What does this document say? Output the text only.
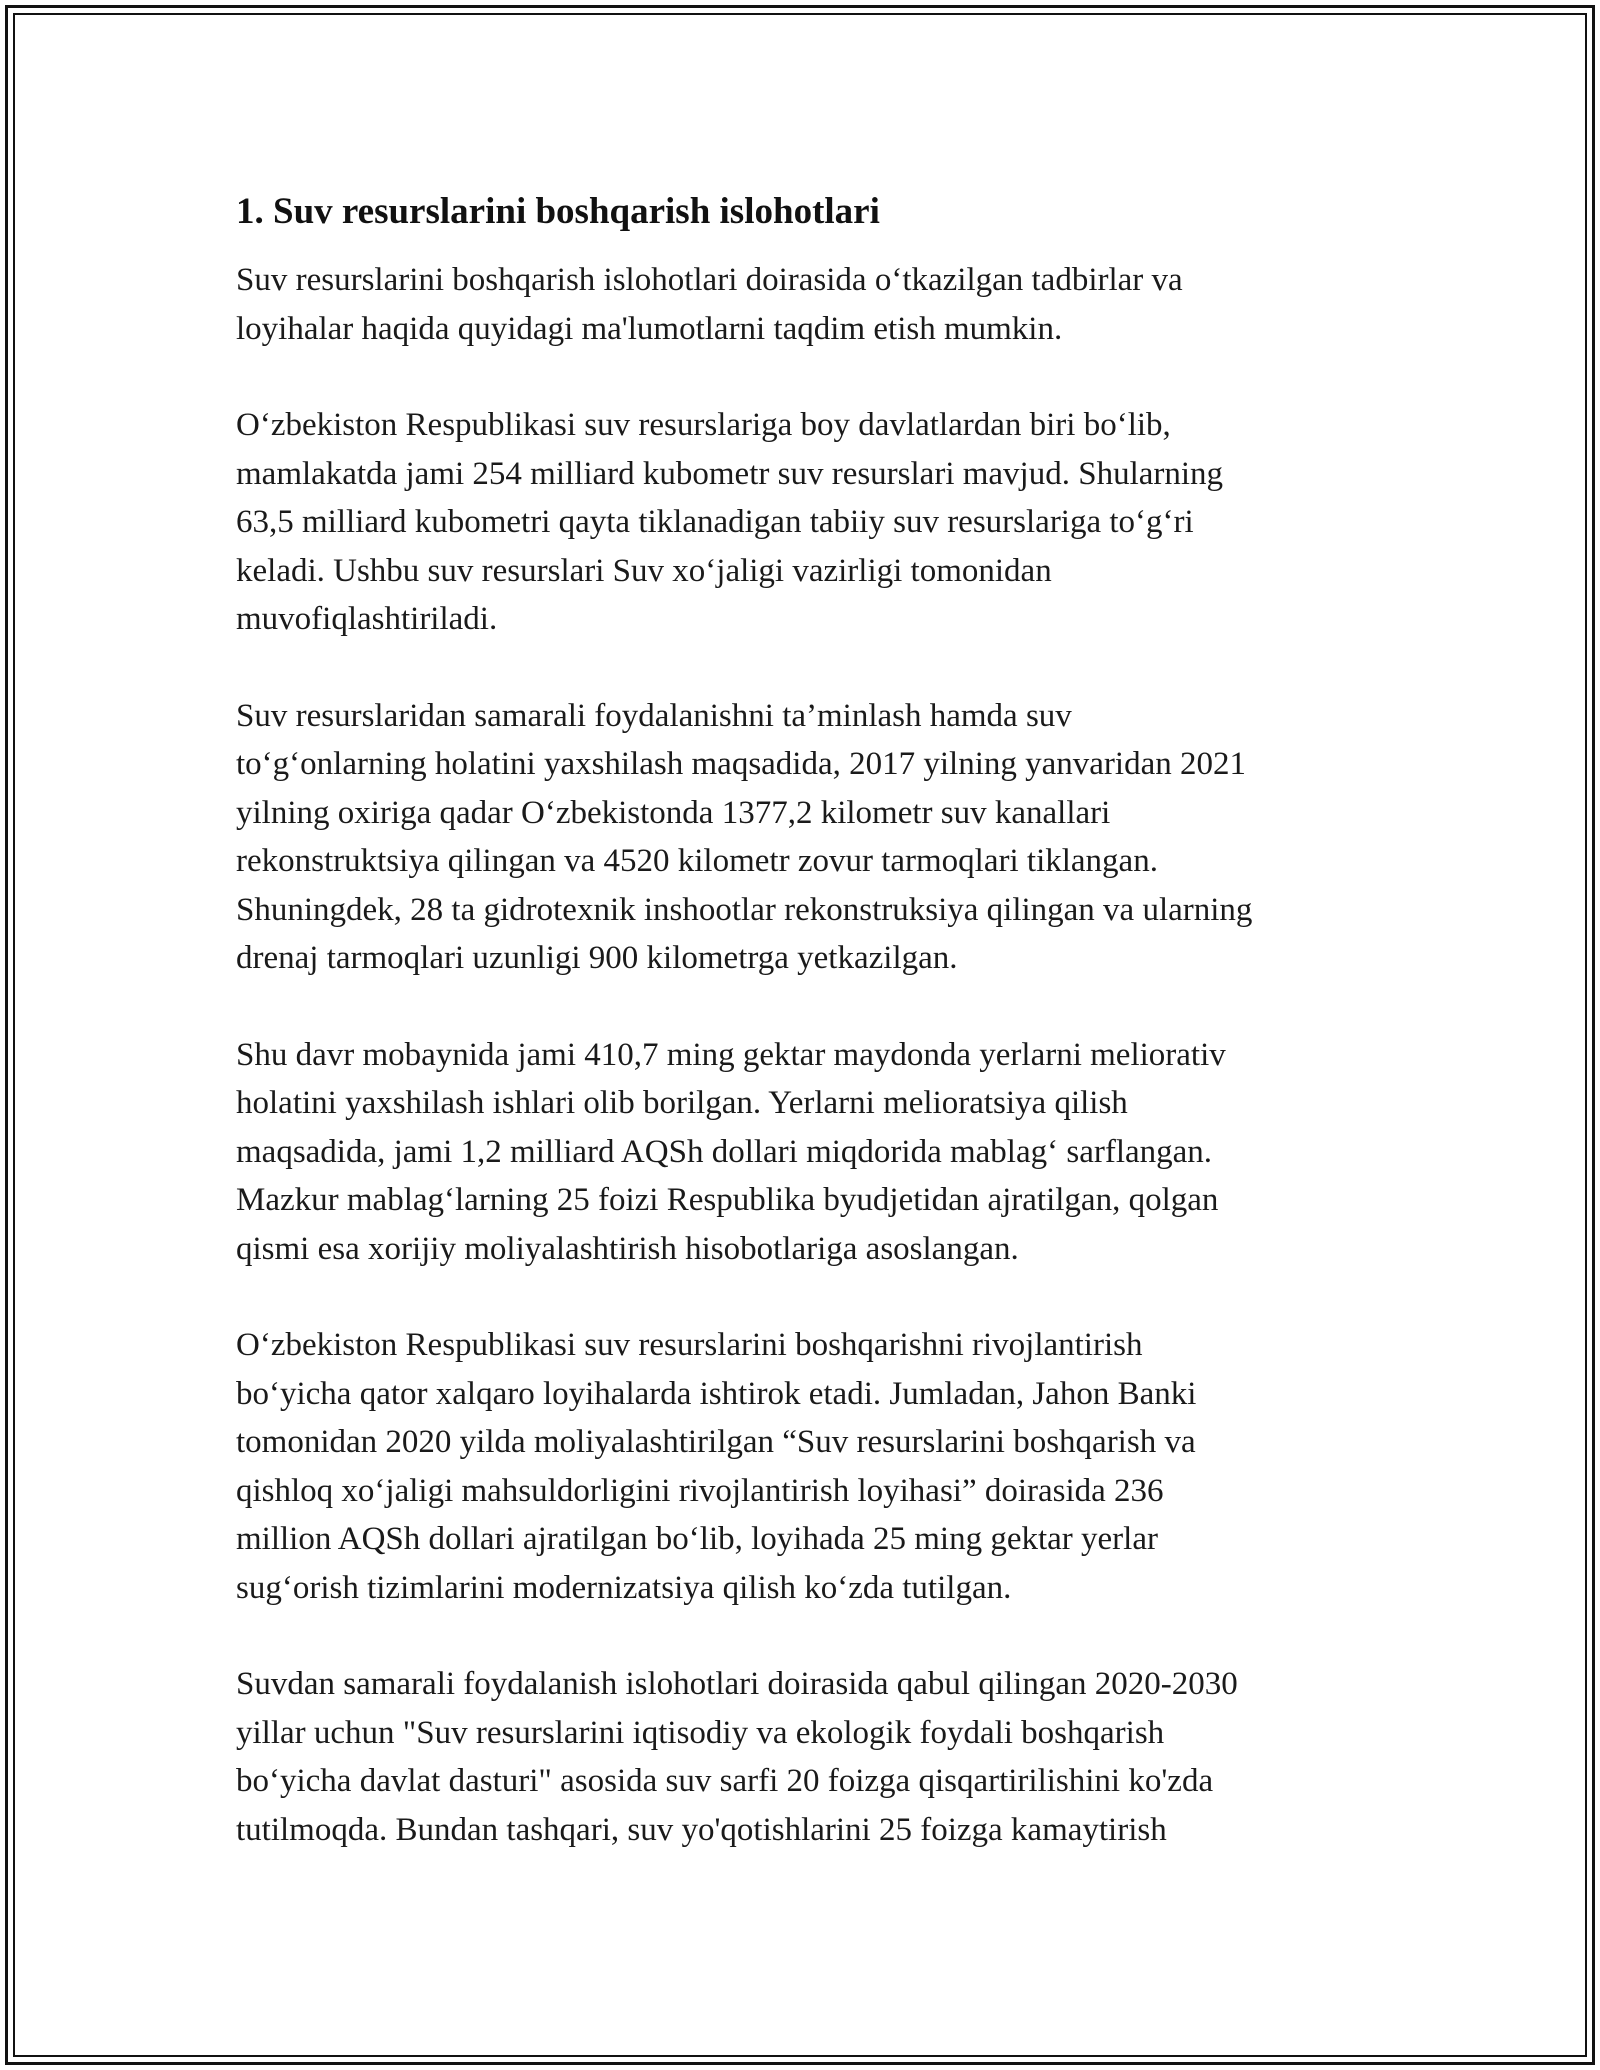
1. Suv resurslarini boshqarish islohotlari

Suv resurslarini boshqarish islohotlari doirasida o‘tkazilgan tadbirlar va
loyihalar haqida quyidagi ma'lumotlarni taqdim etish mumkin.

O‘zbekiston Respublikasi suv resurslariga boy davlatlardan biri bo‘lib,
mamlakatda jami 254 milliard kubometr suv resurslari mavjud. Shularning
63,5 milliard kubometri qayta tiklanadigan tabiiy suv resurslariga to‘g‘ri
keladi. Ushbu suv resurslari Suv xo‘jaligi vazirligi tomonidan
muvofiqlashtiriladi.

Suv resurslaridan samarali foydalanishni ta’minlash hamda suv
to‘g‘onlarning holatini yaxshilash maqsadida, 2017 yilning yanvaridan 2021
yilning oxiriga qadar O‘zbekistonda 1377,2 kilometr suv kanallari
rekonstruktsiya qilingan va 4520 kilometr zovur tarmoqlari tiklangan.
Shuningdek, 28 ta gidrotexnik inshootlar rekonstruksiya qilingan va ularning
drenaj tarmoqlari uzunligi 900 kilometrga yetkazilgan.

Shu davr mobaynida jami 410,7 ming gektar maydonda yerlarni meliorativ
holatini yaxshilash ishlari olib borilgan. Yerlarni melioratsiya qilish
maqsadida, jami 1,2 milliard AQSh dollari miqdorida mablag‘ sarflangan.
Mazkur mablag‘larning 25 foizi Respublika byudjetidan ajratilgan, qolgan
qismi esa xorijiy moliyalashtirish hisobotlariga asoslangan.

O‘zbekiston Respublikasi suv resurslarini boshqarishni rivojlantirish
bo‘yicha qator xalqaro loyihalarda ishtirok etadi. Jumladan, Jahon Banki
tomonidan 2020 yilda moliyalashtirilgan “Suv resurslarini boshqarish va
qishloq xo‘jaligi mahsuldorligini rivojlantirish loyihasi” doirasida 236
million AQSh dollari ajratilgan bo‘lib, loyihada 25 ming gektar yerlar
sug‘orish tizimlarini modernizatsiya qilish ko‘zda tutilgan.

Suvdan samarali foydalanish islohotlari doirasida qabul qilingan 2020-2030
yillar uchun "Suv resurslarini iqtisodiy va ekologik foydali boshqarish
bo‘yicha davlat dasturi" asosida suv sarfi 20 foizga qisqartirilishini ko'zda
tutilmoqda. Bundan tashqari, suv yo'qotishlarini 25 foizga kamaytirish
